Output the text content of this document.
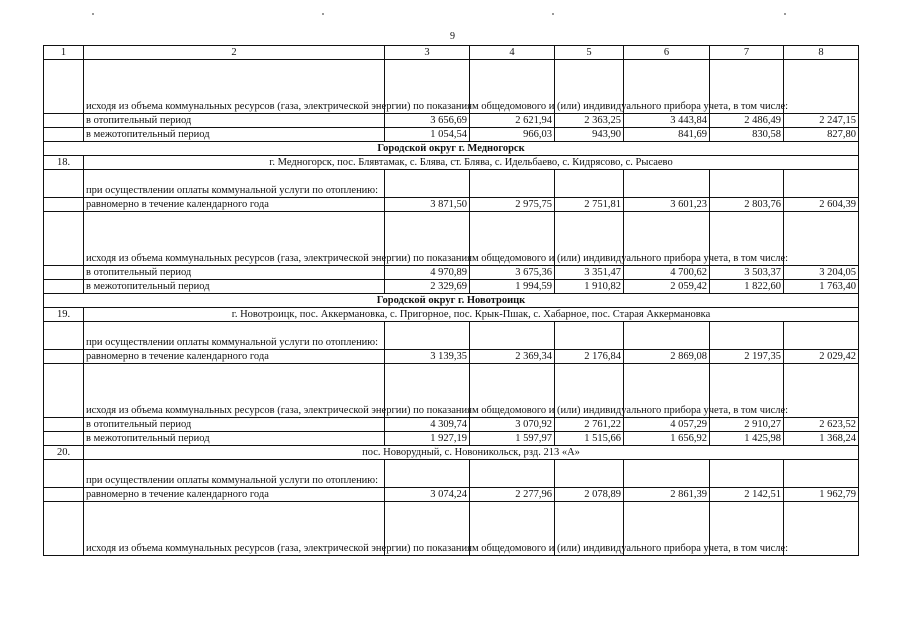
9
1	2	3	4	5	6	7	8
	исходя из объема коммунальных ресурсов (газа, электрической энергии) по показаниям общедомового и (или) индивидуального прибора учета, в том числе:						
	в отопительный период	3 656,69	2 621,94	2 363,25	3 443,84	2 486,49	2 247,15
	в межотопительный период	1 054,54	966,03	943,90	841,69	830,58	827,80
Городской округ г. Медногорск							
18.	г. Медногорск, пос. Блявтамак, с. Блява, ст. Блява, с. Идельбаево, с. Кидрясово, с. Рысаево						
	при осуществлении оплаты коммунальной услуги по отоплению:						
	равномерно в течение календарного года	3 871,50	2 975,75	2 751,81	3 601,23	2 803,76	2 604,39
	исходя из объема коммунальных ресурсов (газа, электрической энергии) по показаниям общедомового и (или) индивидуального прибора учета, в том числе:						
	в отопительный период	4 970,89	3 675,36	3 351,47	4 700,62	3 503,37	3 204,05
	в межотопительный период	2 329,69	1 994,59	1 910,82	2 059,42	1 822,60	1 763,40
Городской округ г. Новотроицк							
19.	г. Новотроицк, пос. Аккермановка, с. Пригорное, пос. Крык-Пшак, с. Хабарное, пос. Старая Аккермановка						
	при осуществлении оплаты коммунальной услуги по отоплению:						
	равномерно в течение календарного года	3 139,35	2 369,34	2 176,84	2 869,08	2 197,35	2 029,42
	исходя из объема коммунальных ресурсов (газа, электрической энергии) по показаниям общедомового и (или) индивидуального прибора учета, в том числе:						
	в отопительный период	4 309,74	3 070,92	2 761,22	4 057,29	2 910,27	2 623,52
	в межотопительный период	1 927,19	1 597,97	1 515,66	1 656,92	1 425,98	1 368,24
20.	пос. Новорудный, с. Новоникольск, рзд. 213 «А»						
	при осуществлении оплаты коммунальной услуги по отоплению:						
	равномерно в течение календарного года	3 074,24	2 277,96	2 078,89	2 861,39	2 142,51	1 962,79
	исходя из объема коммунальных ресурсов (газа, электрической энергии) по показаниям общедомового и (или) индивидуального прибора учета, в том числе:						
